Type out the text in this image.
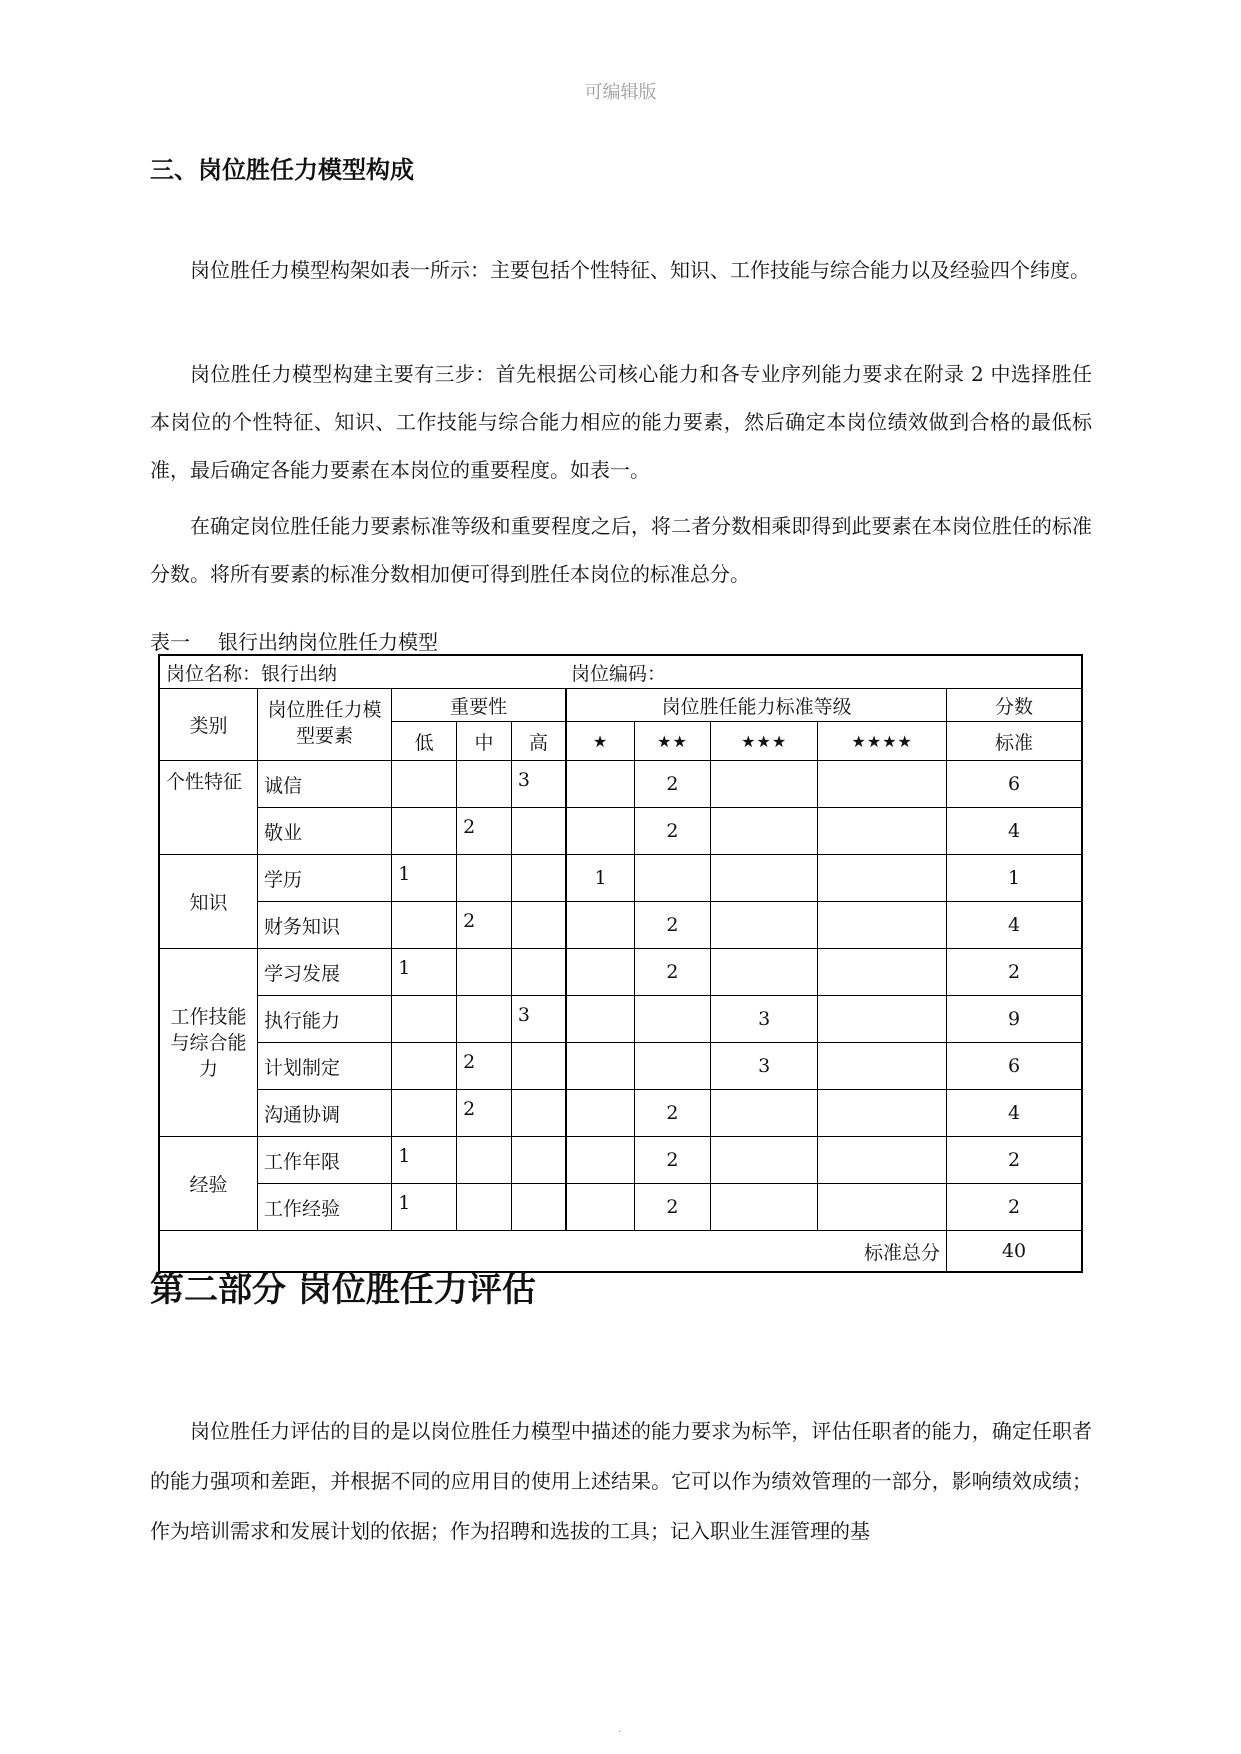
可编辑版
三、岗位胜任力模型构成

岗位胜任力模型构架如表一所示：主要包括个性特征、知识、工作技能与综合能力以及经验四个纬度。

岗位胜任力模型构建主要有三步：首先根据公司核心能力和各专业序列能力要求在附录 2 中选择胜任本岗位的个性特征、知识、工作技能与综合能力相应的能力要素，然后确定本岗位绩效做到合格的最低标准，最后确定各能力要素在本岗位的重要程度。如表一。

在确定岗位胜任能力要素标准等级和重要程度之后，将二者分数相乘即得到此要素在本岗位胜任的标准分数。将所有要素的标准分数相加便可得到胜任本岗位的标准总分。

表一 银行出纳岗位胜任力模型
岗位名称：银行出纳 岗位编码：									

类别	岗位胜任力模型要素	重要性			岗位胜任能力标准等级				分数
		低	中	高	★	★★	★★★	★★★★	标准
个性特征	诚信			3		2			6
	敬业		2			2			4
知识	学历	1			1				1
	财务知识		2			2			4
工作技能与综合能力	学习发展	1				2			2
	执行能力			3			3		9
	计划制定		2				3		6
	沟通协调		2			2			4
经验	工作年限	1				2			2
	工作经验	1				2			2
标准总分									40
第二部分 岗位胜任力评估

岗位胜任力评估的目的是以岗位胜任力模型中描述的能力要求为标竿，评估任职者的能力，确定任职者的能力强项和差距，并根据不同的应用目的使用上述结果。它可以作为绩效管理的一部分，影响绩效成绩；作为培训需求和发展计划的依据；作为招聘和选拔的工具；记入职业生涯管理的基

.
